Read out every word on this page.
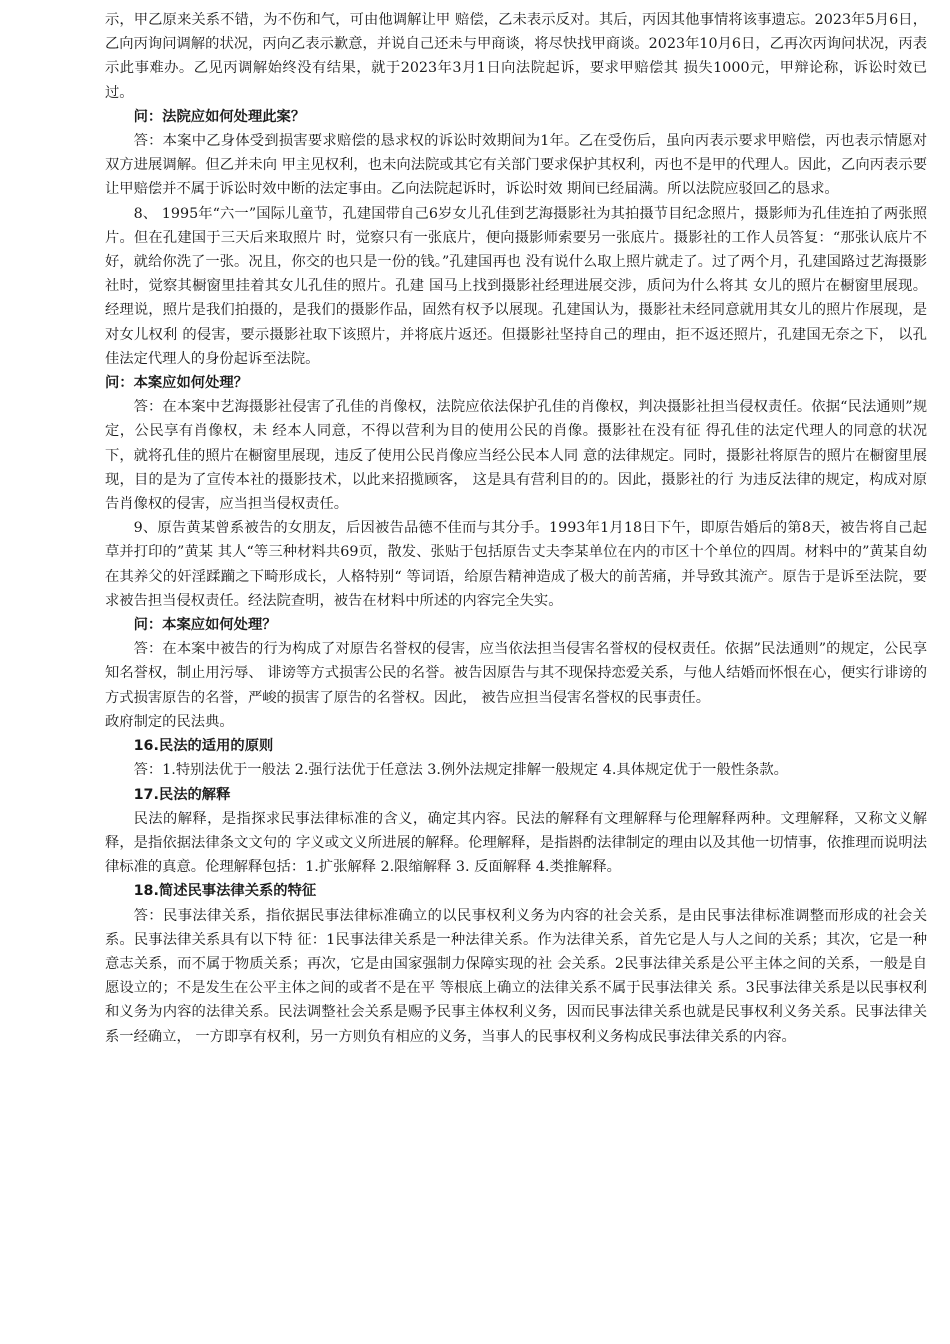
示，甲乙原来关系不错，为不伤和气，可由他调解让甲 赔偿，乙未表示反对。其后，丙因其他事情将该事遗忘。2023年5月6日，乙向丙询问调解的状况，丙向乙表示歉意，并说自己还未与甲商谈，将尽快找甲商谈。2023年10月6日，乙再次丙询问状况，丙表示此事难办。乙见丙调解始终没有结果，就于2023年3月1日向法院起诉，要求甲赔偿其 损失1000元，甲辩论称，诉讼时效已过。

问：法院应如何处理此案？

答：本案中乙身体受到损害要求赔偿的恳求权的诉讼时效期间为1年。乙在受伤后，虽向丙表示要求甲赔偿，丙也表示情愿对双方进展调解。但乙并未向 甲主见权利，也未向法院或其它有关部门要求保护其权利，丙也不是甲的代理人。因此，乙向丙表示要让甲赔偿并不属于诉讼时效中断的法定事由。乙向法院起诉时，诉讼时效 期间已经届满。所以法院应驳回乙的恳求。

8、 1995年“六一”国际儿童节，孔建国带自己6岁女儿孔佳到艺海摄影社为其拍摄节目纪念照片，摄影师为孔佳连拍了两张照片。但在孔建国于三天后来取照片 时，觉察只有一张底片，便向摄影师索要另一张底片。摄影社的工作人员答复：“那张认底片不好，就给你洗了一张。况且，你交的也只是一份的钱。”孔建国再也 没有说什么取上照片就走了。过了两个月，孔建国路过艺海摄影社时，觉察其橱窗里挂着其女儿孔佳的照片。孔建 国马上找到摄影社经理进展交涉，质问为什么将其 女儿的照片在橱窗里展现。经理说，照片是我们拍摄的，是我们的摄影作品，固然有权予以展现。孔建国认为，摄影社未经同意就用其女儿的照片作展现，是对女儿权利 的侵害，要示摄影社取下该照片，并将底片返还。但摄影社坚持自己的理由，拒不返还照片，孔建国无奈之下， 以孔佳法定代理人的身份起诉至法院。

问：本案应如何处理？

答：在本案中艺海摄影社侵害了孔佳的肖像权，法院应依法保护孔佳的肖像权，判决摄影社担当侵权责任。依据“民法通则”规定，公民享有肖像权，未 经本人同意，不得以营利为目的使用公民的肖像。摄影社在没有征 得孔佳的法定代理人的同意的状况下，就将孔佳的照片在橱窗里展现，违反了使用公民肖像应当经公民本人同 意的法律规定。同时，摄影社将原告的照片在橱窗里展现，目的是为了宣传本社的摄影技术，以此来招揽顾客， 这是具有营利目的的。因此，摄影社的行 为违反法律的规定，构成对原告肖像权的侵害，应当担当侵权责任。

9、原告黄某曾系被告的女朋友，后因被告品德不佳而与其分手。1993年1月18日下午，即原告婚后的第8天，被告将自己起草并打印的”黄某 其人“等三种材料共69页，散发、张贴于包括原告丈夫李某单位在内的市区十个单位的四周。材料中的”黄某自幼在其养父的奸淫蹂躏之下畸形成长，人格特别“ 等词语，给原告精神造成了极大的前苦痛，并导致其流产。原告于是诉至法院，要求被告担当侵权责任。经法院查明，被告在材料中所述的内容完全失实。

问：本案应如何处理？

答：在本案中被告的行为构成了对原告名誉权的侵害，应当依法担当侵害名誉权的侵权责任。依据”民法通则”的规定，公民享知名誉权，制止用污辱、 诽谤等方式损害公民的名誉。被告因原告与其不现保持恋爱关系，与他人结婚而怀恨在心，便实行诽谤的方式损害原告的名誉，严峻的损害了原告的名誉权。因此， 被告应担当侵害名誉权的民事责任。

政府制定的民法典。

16.民法的适用的原则

答：1.特别法优于一般法 2.强行法优于任意法 3.例外法规定排解一般规定 4.具体规定优于一般性条款。

17.民法的解释

民法的解释，是指探求民事法律标准的含义，确定其内容。民法的解释有文理解释与伦理解释两种。文理解释，又称文义解释，是指依据法律条文文句的 字义或文义所进展的解释。伦理解释，是指斟酌法律制定的理由以及其他一切情事，依推理而说明法律标准的真意。伦理解释包括：1.扩张解释 2.限缩解释 3. 反面解释 4.类推解释。

18.简述民事法律关系的特征

答：民事法律关系，指依据民事法律标准确立的以民事权利义务为内容的社会关系，是由民事法律标准调整而形成的社会关系。民事法律关系具有以下特 征：1民事法律关系是一种法律关系。作为法律关系，首先它是人与人之间的关系；其次，它是一种意志关系，而不属于物质关系；再次，它是由国家强制力保障实现的社 会关系。2民事法律关系是公平主体之间的关系，一般是自愿设立的；不是发生在公平主体之间的或者不是在平 等根底上确立的法律关系不属于民事法律关 系。3民事法律关系是以民事权利和义务为内容的法律关系。民法调整社会关系是赐予民事主体权利义务，因而民事法律关系也就是民事权利义务关系。民事法律关 系一经确立， 一方即享有权利，另一方则负有相应的义务，当事人的民事权利义务构成民事法律关系的内容。
